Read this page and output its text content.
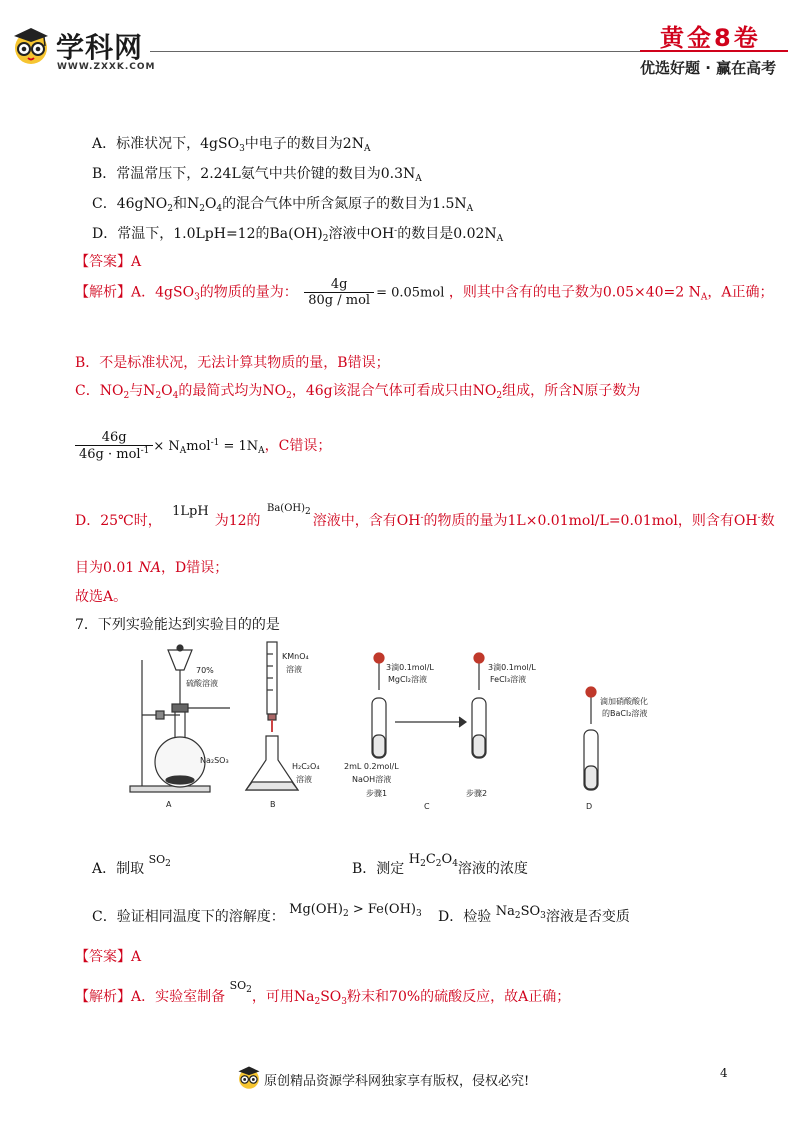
学科网
WWW.ZXXK.COM
黄金8卷
优选好题 · 赢在高考
A．标准状况下，4gSO$_3$中电子的数目为$2N_A$
B．常温常压下，2.24L氨气中共价键的数目为$0.3N_A$
C．46gNO$_2$和$N_2O_4$的混合气体中所含氮原子的数目为$1.5N_A$
D．常温下，1.0LpH=12的$Ba(OH)_2$溶液中OH-的数目是$0.02N_A$
【答案】A
【解析】A．4gSO$_3$的物质的量为： $\frac{4g}{\text{80g / mol}} = 0.05mol$ ，则其中含有的电子数为0.05×40=2 $N_A$，A正确；
B．不是标准状况，无法计算其物质的量，B错误；
C．$NO_2$与$N_2O_4$的最简式均为$NO_2$，46g该混合气体可看成只由$NO_2$组成，所含N原子数为
$\frac{46g}{46g \cdot mol^{-1}} \times N_Amol^{-1} = 1N_A$，C错误；
D．25℃时， 1LpH为12的 $^{Ba(OH)_2}$溶液中，含有OH-的物质的量为1L×0.01mol/L=0.01mol，则含有OH-数
目为0.01 NA，D错误；
故选A。
7．下列实验能达到实验目的的是
70%
硫酸溶液
Na₂SO₃
A
KMnO₄
溶液
H₂C₂O₄
溶液
B
3滴0.1mol/L
MgCl₂溶液
3滴0.1mol/L
FeCl₃溶液
2mL 0.2mol/L
NaOH溶液
步骤1	步骤2
C
滴加硝酸酸化
的BaCl₂溶液
D
A．制取 $^{SO_2}$	B．测定 $H_2C_2O_4$溶液的浓度
C．验证相同温度下的溶解度： $Mg(OH)_2 > Fe(OH)_3$ D．检验 $Na_2SO_3$溶液是否变质
【答案】A
【解析】A．实验室制备 $^{SO_2}$，可用$Na_2SO_3$粉末和70%的硫酸反应，故A正确；
4
原创精品资源学科网独家享有版权，侵权必究!
